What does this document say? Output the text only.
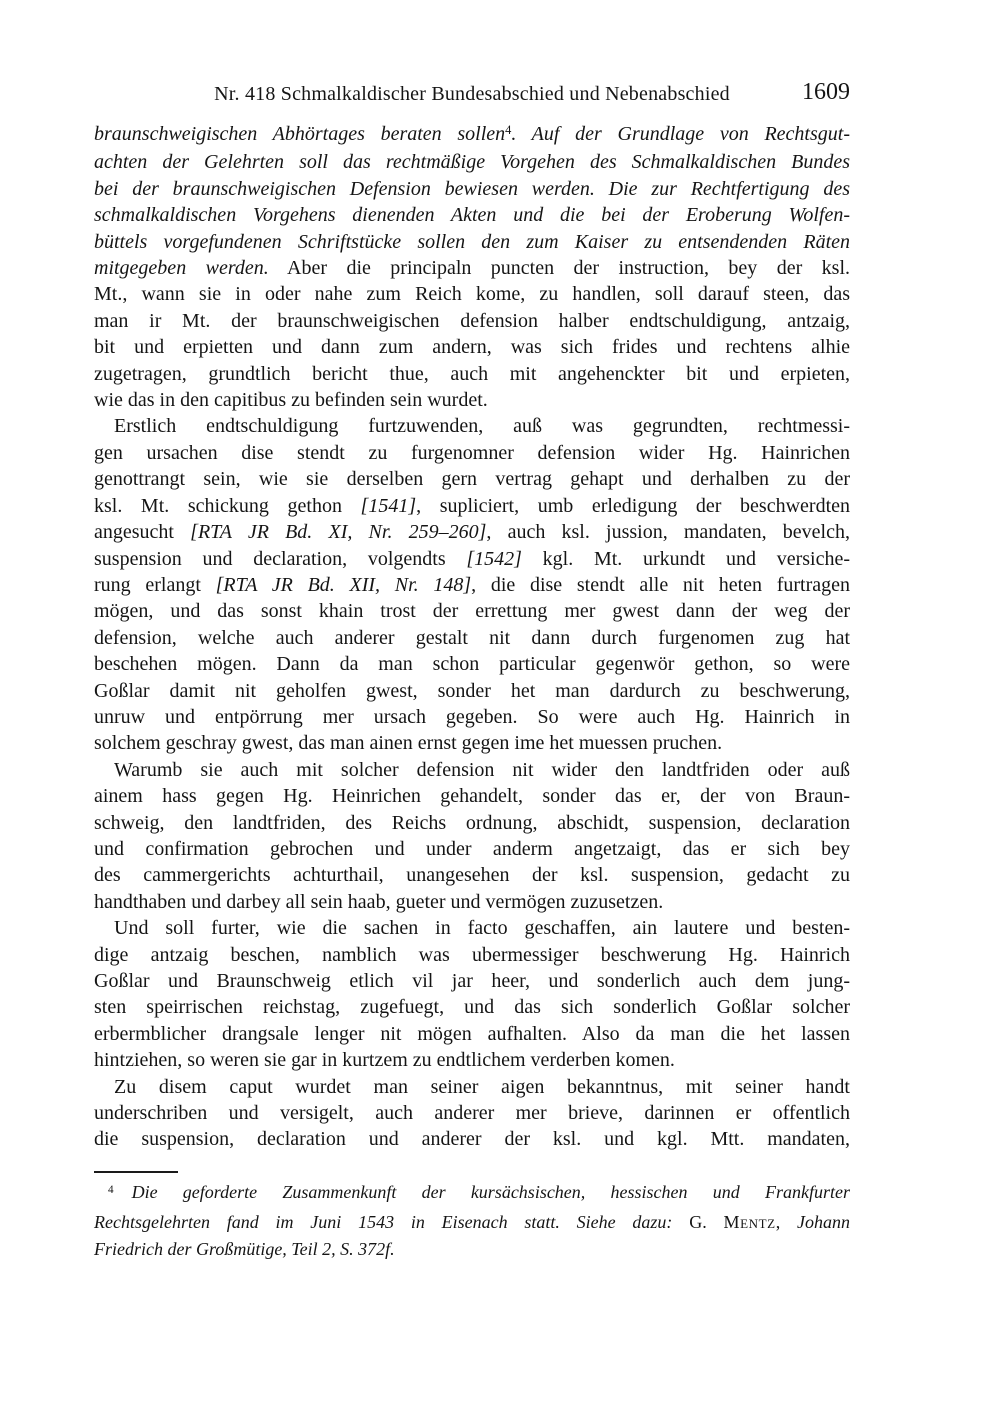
Nr. 418 Schmalkaldischer Bundesabschied und Nebenabschied	1609
braunschweigischen Abhörtages beraten sollen$^4$. Auf der Grundlage von Rechtsgut-
achten der Gelehrten soll das rechtmäßige Vorgehen des Schmalkaldischen Bundes
bei der braunschweigischen Defension bewiesen werden. Die zur Rechtfertigung des
schmalkaldischen Vorgehens dienenden Akten und die bei der Eroberung Wolfen-
büttels vorgefundenen Schriftstücke sollen den zum Kaiser zu entsendenden Räten
mitgegeben werden. Aber die principaln puncten der instruction, bey der ksl.
Mt., wann sie in oder nahe zum Reich kome, zu handlen, soll darauf steen, das
man ir Mt. der braunschweigischen defension halber endtschuldigung, antzaig,
bit und erpietten und dann zum andern, was sich frides und rechtens alhie
zugetragen, grundtlich bericht thue, auch mit angehenckter bit und erpieten,
wie das in den capitibus zu befinden sein wurdet.
Erstlich endtschuldigung furtzuwenden, auß was gegrundten, rechtmessi-
gen ursachen dise stendt zu furgenomner defension wider Hg. Hainrichen
genottrangt sein, wie sie derselben gern vertrag gehapt und derhalben zu der
ksl. Mt. schickung gethon [1541], supliciert, umb erledigung der beschwerdten
angesucht [RTA JR Bd. XI, Nr. 259–260], auch ksl. jussion, mandaten, bevelch,
suspension und declaration, volgendts [1542] kgl. Mt. urkundt und versiche-
rung erlangt [RTA JR Bd. XII, Nr. 148], die dise stendt alle nit heten furtragen
mögen, und das sonst khain trost der errettung mer gwest dann der weg der
defension, welche auch anderer gestalt nit dann durch furgenomen zug hat
beschehen mögen. Dann da man schon particular gegenwör gethon, so were
Goßlar damit nit geholfen gwest, sonder het man dardurch zu beschwerung,
unruw und entpörrung mer ursach gegeben. So were auch Hg. Hainrich in
solchem geschray gwest, das man ainen ernst gegen ime het muessen pruchen.
Warumb sie auch mit solcher defension nit wider den landtfriden oder auß
ainem hass gegen Hg. Heinrichen gehandelt, sonder das er, der von Braun-
schweig, den landtfriden, des Reichs ordnung, abschidt, suspension, declaration
und confirmation gebrochen und under anderm angetzaigt, das er sich bey
des cammergerichts achturthail, unangesehen der ksl. suspension, gedacht zu
handthaben und darbey all sein haab, gueter und vermögen zuzusetzen.
Und soll furter, wie die sachen in facto geschaffen, ain lautere und besten-
dige antzaig beschen, namblich was ubermessiger beschwerung Hg. Hainrich
Goßlar und Braunschweig etlich vil jar heer, und sonderlich auch dem jung-
sten speirrischen reichstag, zugefuegt, und das sich sonderlich Goßlar solcher
erbermblicher drangsale lenger nit mögen aufhalten. Also da man die het lassen
hintziehen, so weren sie gar in kurtzem zu endtlichem verderben komen.
Zu disem caput wurdet man seiner aigen bekanntnus, mit seiner handt
underschriben und versigelt, auch anderer mer brieve, darinnen er offentlich
die suspension, declaration und anderer der ksl. und kgl. Mtt. mandaten,
$^4$ Die geforderte Zusammenkunft der kursächsischen, hessischen und Frankfurter
Rechtsgelehrten fand im Juni 1543 in Eisenach statt. Siehe dazu: G. Mentz, Johann
Friedrich der Großmütige, Teil 2, S. 372f.
